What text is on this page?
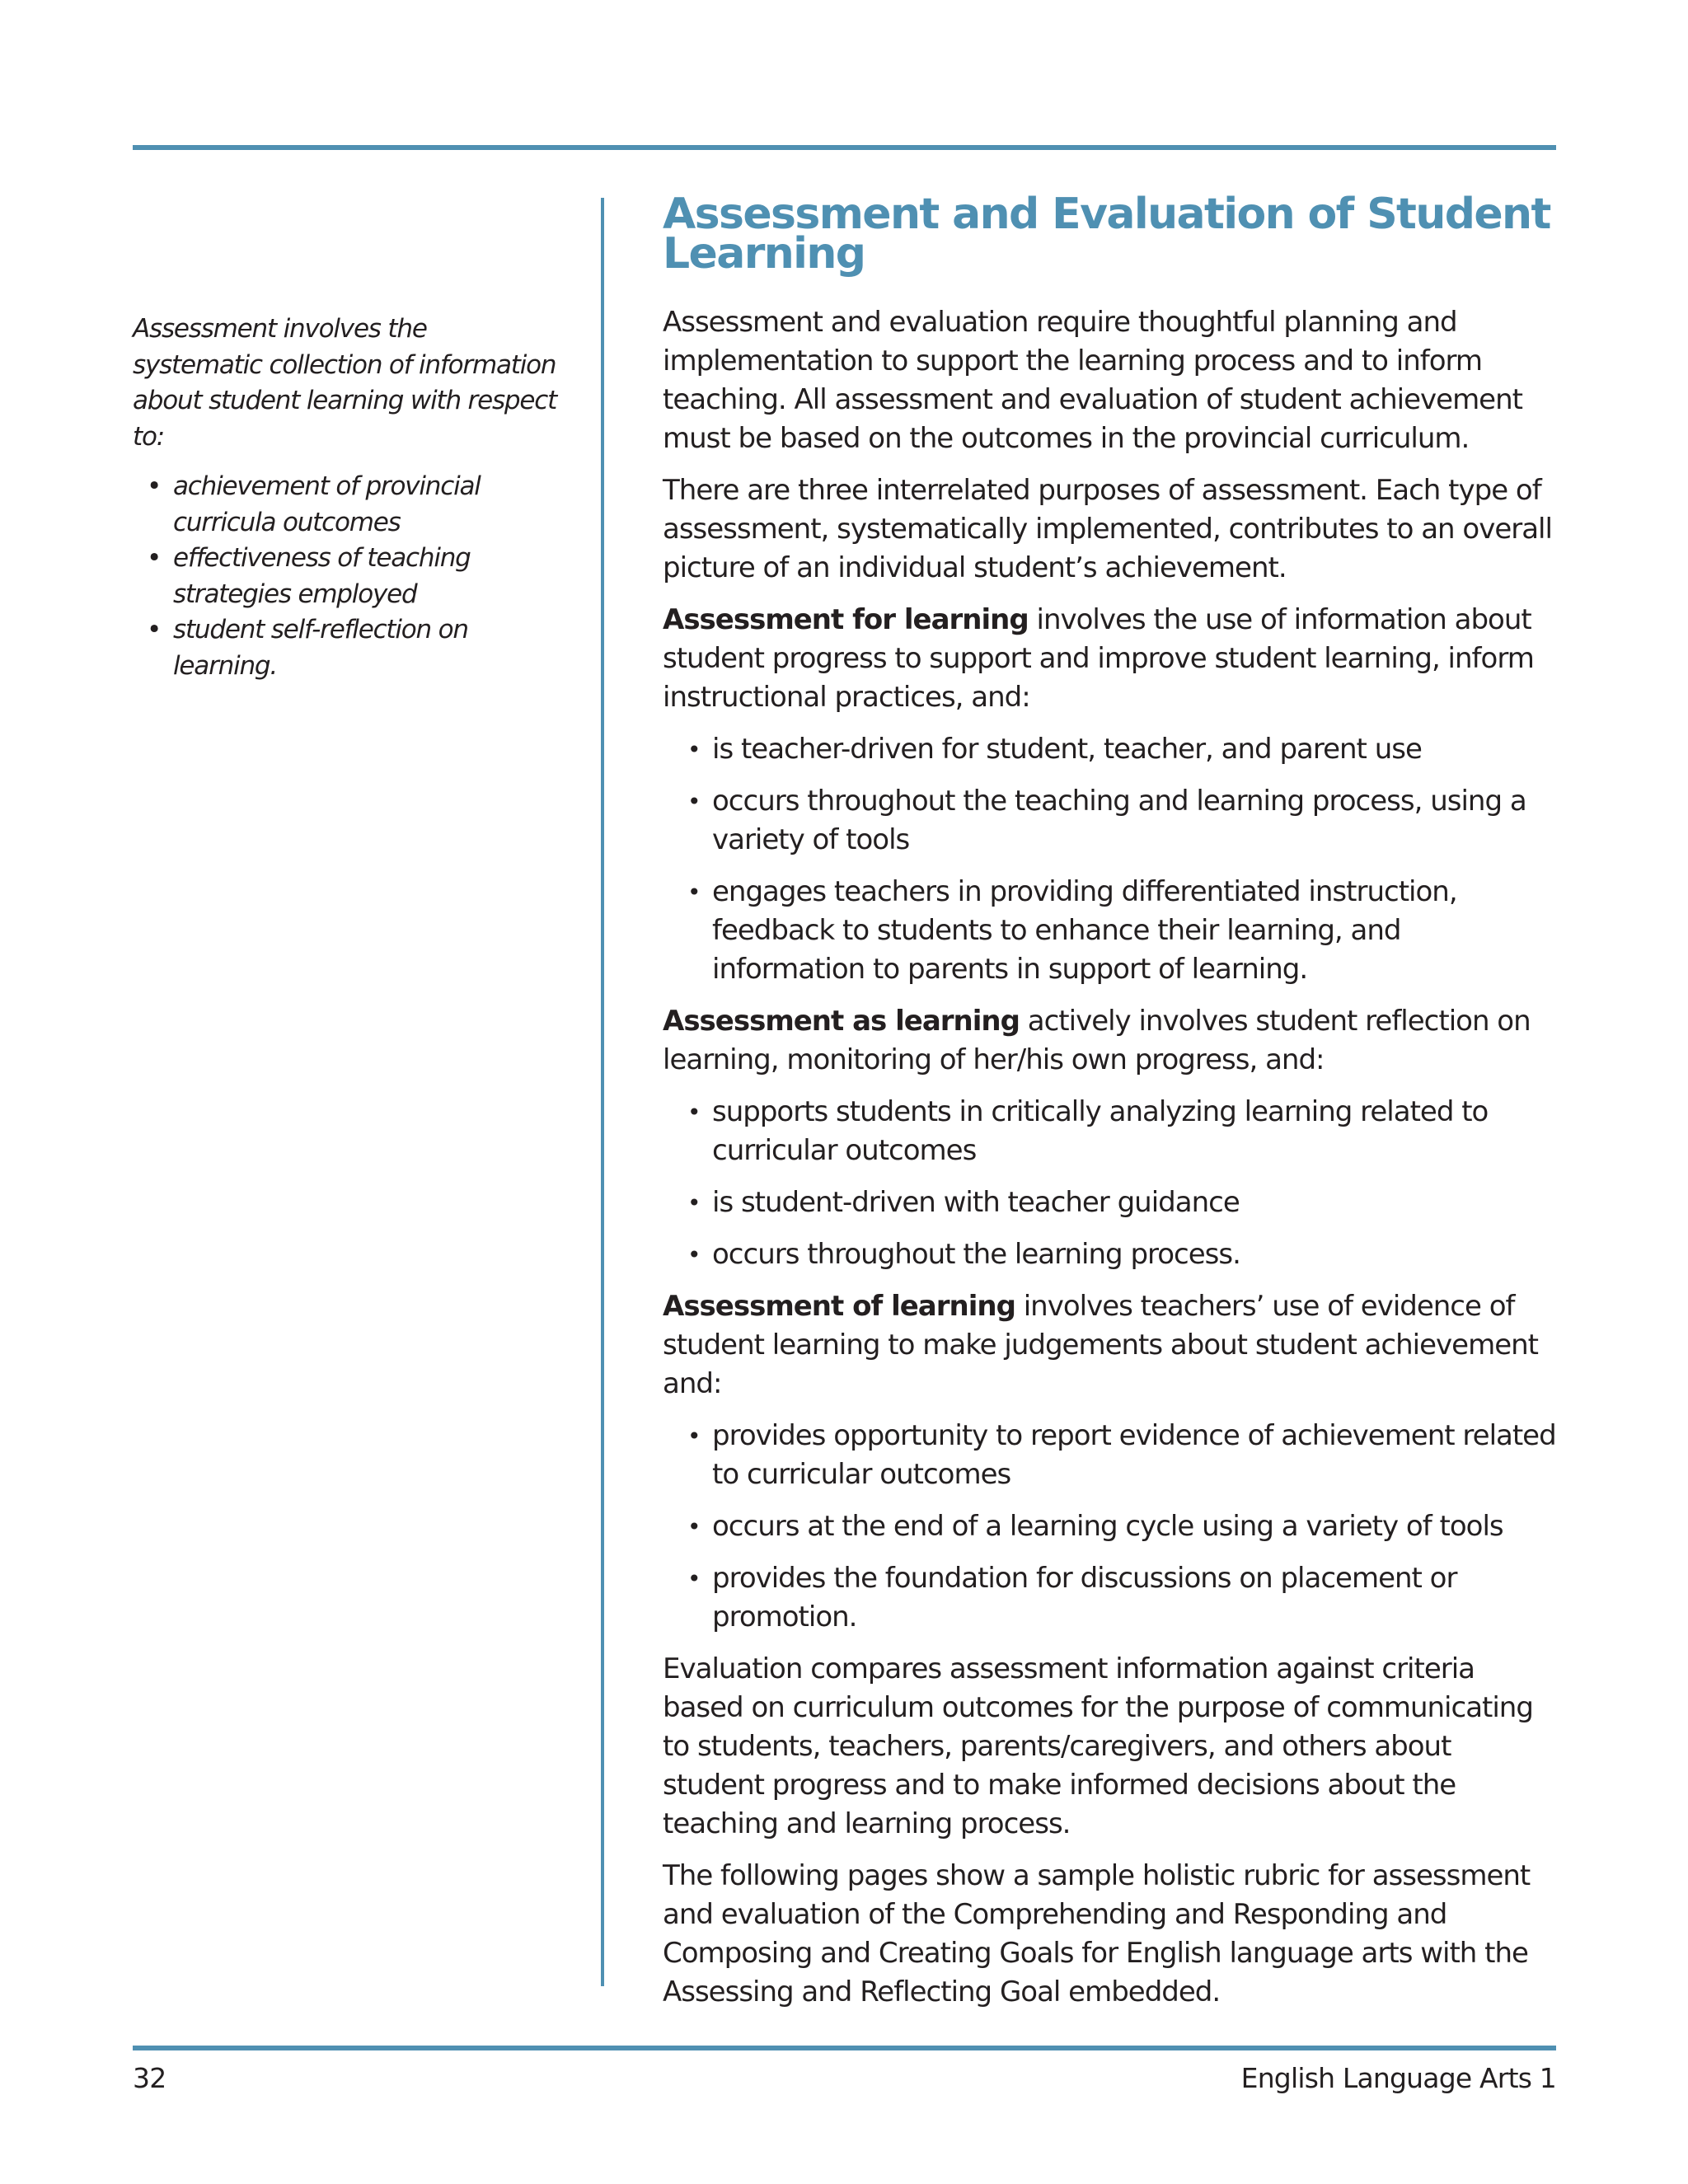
Assessment involves the systematic collection of information about student learning with respect to:

• achievement of provincial curricula outcomes
• effectiveness of teaching strategies employed
• student self-reflection on learning.
Assessment and Evaluation of Student
Learning

Assessment and evaluation require thoughtful planning and implementation to support the learning process and to inform teaching. All assessment and evaluation of student achievement must be based on the outcomes in the provincial curriculum.

There are three interrelated purposes of assessment. Each type of assessment, systematically implemented, contributes to an overall picture of an individual student’s achievement.

Assessment for learning involves the use of information about student progress to support and improve student learning, inform instructional practices, and:

• is teacher-driven for student, teacher, and parent use
• occurs throughout the teaching and learning process, using a variety of tools
• engages teachers in providing differentiated instruction, feedback to students to enhance their learning, and information to parents in support of learning.

Assessment as learning actively involves student reflection on learning, monitoring of her/his own progress, and:

• supports students in critically analyzing learning related to curricular outcomes
• is student-driven with teacher guidance
• occurs throughout the learning process.

Assessment of learning involves teachers’ use of evidence of student learning to make judgements about student achievement and:

• provides opportunity to report evidence of achievement related to curricular outcomes
• occurs at the end of a learning cycle using a variety of tools
• provides the foundation for discussions on placement or promotion.

Evaluation compares assessment information against criteria based on curriculum outcomes for the purpose of communicating to students, teachers, parents/caregivers, and others about student progress and to make informed decisions about the teaching and learning process.

The following pages show a sample holistic rubric for assessment and evaluation of the Comprehending and Responding and Composing and Creating Goals for English language arts with the Assessing and Reflecting Goal embedded.

32	English Language Arts 1
